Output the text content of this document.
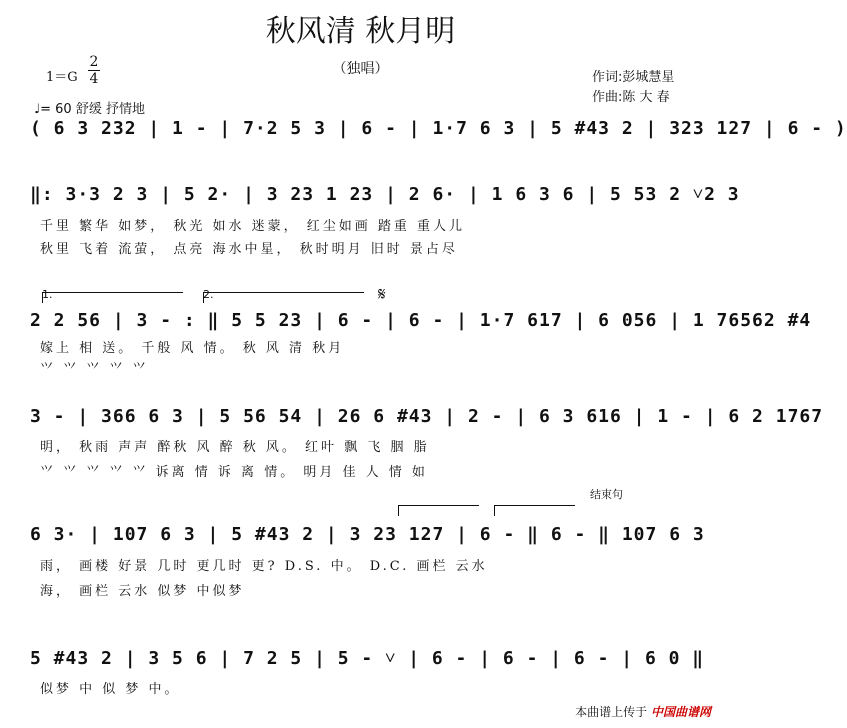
秋风清 秋月明
（独唱）
作词:彭城慧星
作曲:陈 大 春
1＝G
2
4
♩= 60 舒缓 抒情地
( 6 3 232 | 1 - | 7·2 5 3 | 6 - | 1·7 6 3 | 5 #43 2 | 323 127 | 6 - )
‖: 3·3 2 3 | 5 2· | 3 23 1 23 | 2 6· | 1 6 3 6 | 5 53 2 ˅2 3
千里 繁华 如梦， 秋光 如水 迷蒙， 红尘如画 踏重 重人儿
秋里 飞着 流萤， 点亮 海水中星， 秋时明月 旧时 景占尽
1.	2.	𝄋
2 2 56 | 3 - : ‖ 5 5 23 | 6 - | 6 - | 1·7 617 | 6 056 | 1 76562 #4
嫁上 相 送。 千般 风 情。 秋 风 清 秋月
⺍ ⺍ ⺍ ⺍ ⺍
3 - | 366 6 3 | 5 56 54 | 26 6 #43 | 2 - | 6 3 616 | 1 - | 6 2 1767
明， 秋雨 声声 醉秋 风 醉 秋 风。 红叶 飘 飞 胭 脂
⺍ ⺍ ⺍ ⺍ ⺍ 诉离 情 诉 离 情。 明月 佳 人 情 如
结束句
6 3· | 107 6 3 | 5 #43 2 | 3 23 127 | 6 - ‖ 6 - ‖ 107 6 3
雨， 画楼 好景 几时 更几时 更? D.S. 中。 D.C. 画栏 云水
海， 画栏 云水 似梦 中似梦
5 #43 2 | 3 5 6 | 7 2 5 | 5 - ˅ | 6 - | 6 - | 6 - | 6 0 ‖
似梦 中 似 梦 中。
本曲谱上传于 中国曲谱网
